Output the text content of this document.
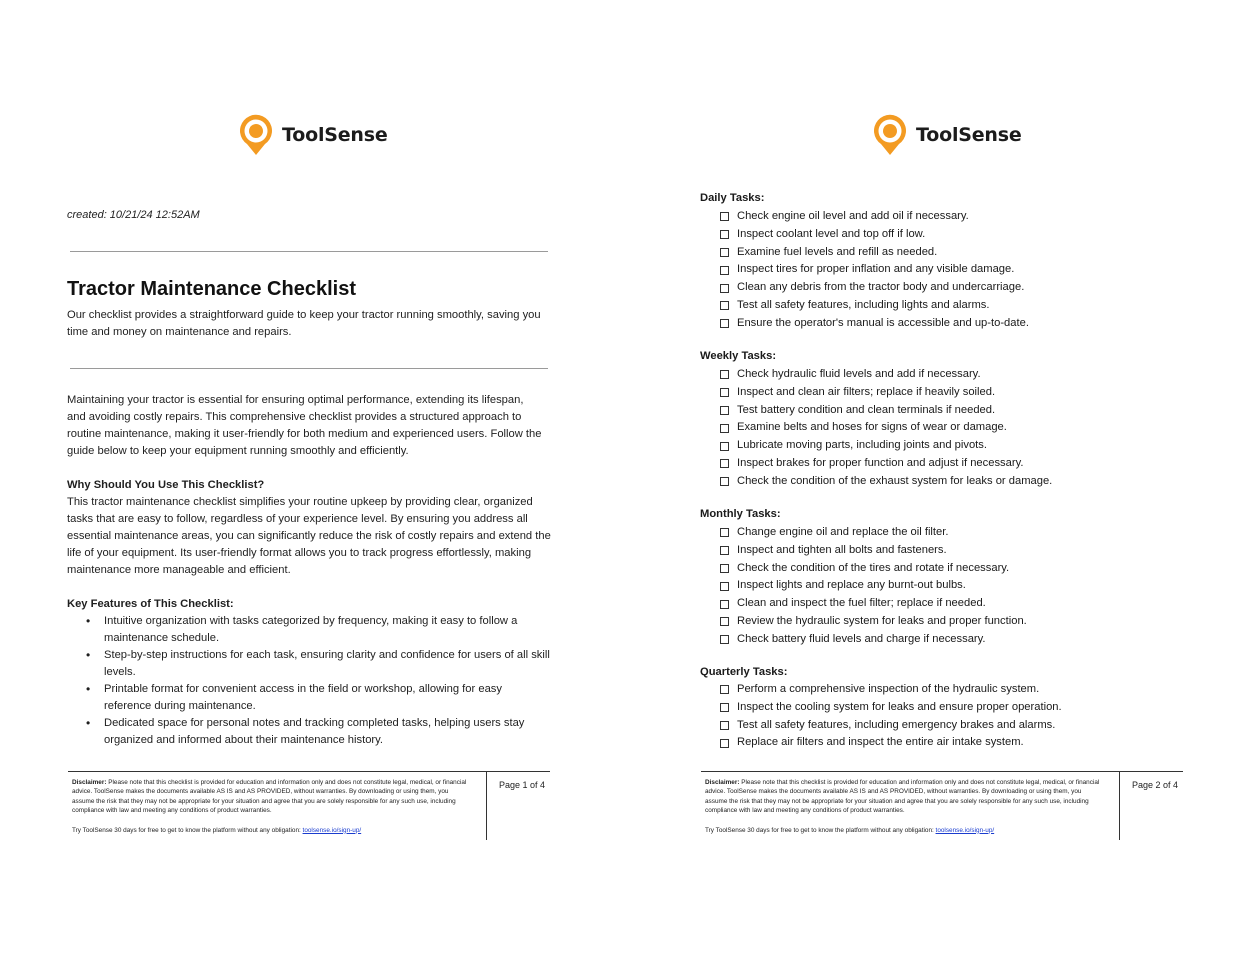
ToolSense
created: 10/21/24 12:52AM
Tractor Maintenance Checklist
Our checklist provides a straightforward guide to keep your tractor running smoothly, saving you time and money on maintenance and repairs.
Maintaining your tractor is essential for ensuring optimal performance, extending its lifespan, and avoiding costly repairs. This comprehensive checklist provides a structured approach to routine maintenance, making it user-friendly for both medium and experienced users. Follow the guide below to keep your equipment running smoothly and efficiently.

Why Should You Use This Checklist?

This tractor maintenance checklist simplifies your routine upkeep by providing clear, organized tasks that are easy to follow, regardless of your experience level. By ensuring you address all essential maintenance areas, you can significantly reduce the risk of costly repairs and extend the life of your equipment. Its user-friendly format allows you to track progress effortlessly, making maintenance more manageable and efficient.

Key Features of This Checklist:

• Intuitive organization with tasks categorized by frequency, making it easy to follow a maintenance schedule.
• Step-by-step instructions for each task, ensuring clarity and confidence for users of all skill levels.
• Printable format for convenient access in the field or workshop, allowing for easy reference during maintenance.
• Dedicated space for personal notes and tracking completed tasks, helping users stay organized and informed about their maintenance history.
Disclaimer: Please note that this checklist is provided for education and information only and does not constitute legal, medical, or financial advice. ToolSense makes the documents available AS IS and AS PROVIDED, without warranties. By downloading or using them, you assume the risk that they may not be appropriate for your situation and agree that you are solely responsible for any such use, including compliance with law and meeting any conditions of product warranties.
Try ToolSense 30 days for free to get to know the platform without any obligation: toolsense.io/sign-up/
Page 1 of 4
ToolSense

Daily Tasks:

Check engine oil level and add oil if necessary.
Inspect coolant level and top off if low.
Examine fuel levels and refill as needed.
Inspect tires for proper inflation and any visible damage.
Clean any debris from the tractor body and undercarriage.
Test all safety features, including lights and alarms.
Ensure the operator's manual is accessible and up-to-date.

Weekly Tasks:

Check hydraulic fluid levels and add if necessary.
Inspect and clean air filters; replace if heavily soiled.
Test battery condition and clean terminals if needed.
Examine belts and hoses for signs of wear or damage.
Lubricate moving parts, including joints and pivots.
Inspect brakes for proper function and adjust if necessary.
Check the condition of the exhaust system for leaks or damage.

Monthly Tasks:

Change engine oil and replace the oil filter.
Inspect and tighten all bolts and fasteners.
Check the condition of the tires and rotate if necessary.
Inspect lights and replace any burnt-out bulbs.
Clean and inspect the fuel filter; replace if needed.
Review the hydraulic system for leaks and proper function.
Check battery fluid levels and charge if necessary.

Quarterly Tasks:

Perform a comprehensive inspection of the hydraulic system.
Inspect the cooling system for leaks and ensure proper operation.
Test all safety features, including emergency brakes and alarms.
Replace air filters and inspect the entire air intake system.
Disclaimer: Please note that this checklist is provided for education and information only and does not constitute legal, medical, or financial advice. ToolSense makes the documents available AS IS and AS PROVIDED, without warranties. By downloading or using them, you assume the risk that they may not be appropriate for your situation and agree that you are solely responsible for any such use, including compliance with law and meeting any conditions of product warranties.
Try ToolSense 30 days for free to get to know the platform without any obligation: toolsense.io/sign-up/
Page 2 of 4
